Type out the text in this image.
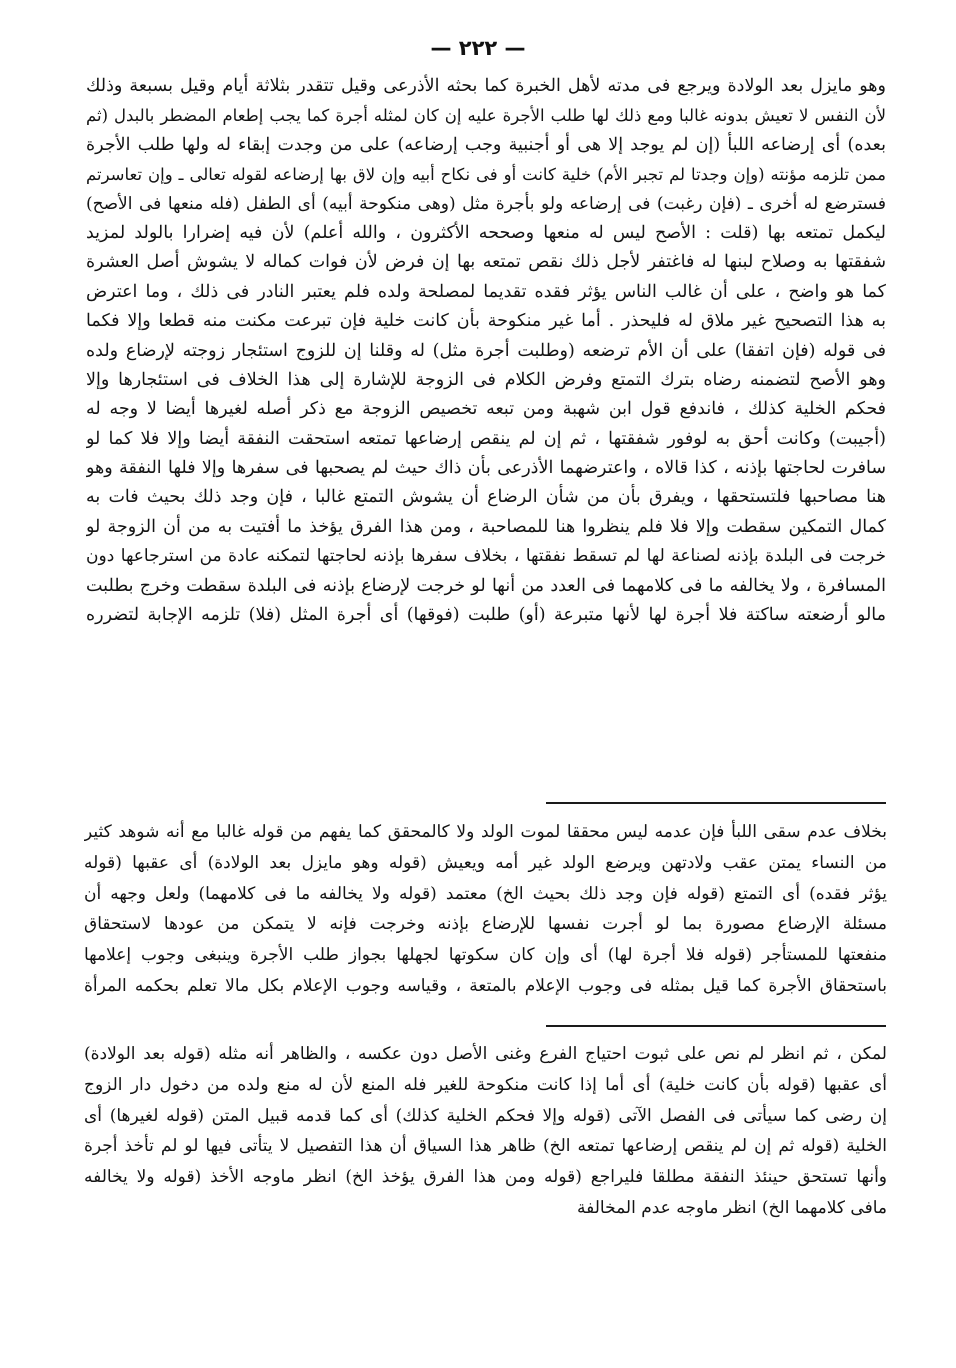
— ٢٢٢ —
وهو مايزل بعد الولادة ويرجع فى مدته لأهل الخبرة كما بحثه الأذرعى وقيل تتقدر بثلاثة أيام وقيل بسبعة وذلك
لأن النفس لا تعيش بدونه غالبا ومع ذلك لها طلب الأجرة عليه إن كان لمثله أجرة كما يجب إطعام المضطر بالبدل (ثم
بعده) أى إرضاعه اللبأ (إن لم يوجد إلا هى أو أجنبية وجب إرضاعه) على من وجدت إبقاء له ولها طلب الأجرة
ممن تلزمه مؤنته (وإن وجدتا لم تجبر الأم) خلية كانت أو فى نكاح أبيه وإن لاق بها إرضاعه لقوله تعالى ـ وإن تعاسرتم
فسترضع له أخرى ـ (فإن رغبت) فى إرضاعه ولو بأجرة مثل (وهى منكوحة أبيه) أى الطفل (فله منعها فى الأصح)
ليكمل تمتعه بها (قلت : الأصح ليس له منعها وصححه الأكثرون ، والله أعلم) لأن فيه إضرارا بالولد لمزيد
شفقتها به وصلاح لبنها له فاغتفر لأجل ذلك نقص تمتعه بها إن فرض لأن فوات كماله لا يشوش أصل العشرة
كما هو واضح ، على أن غالب الناس يؤثر فقده تقديما لمصلحة ولده فلم يعتبر النادر فى ذلك ، وما اعترض
به هذا التصحيح غير ملاق له فليحذر . أما غير منكوحة بأن كانت خلية فإن تبرعت مكنت منه قطعا وإلا فكما
فى قوله (فإن اتفقا) على أن الأم ترضعه (وطلبت أجرة مثل) له وقلنا إن للزوج استئجار زوجته لإرضاع ولده
وهو الأصح لتضمنه رضاه بترك التمتع وفرض الكلام فى الزوجة للإشارة إلى هذا الخلاف فى استئجارها وإلا
فحكم الخلية كذلك ، فاندفع قول ابن شهبة ومن تبعه تخصيص الزوجة مع ذكر أصله لغيرها أيضا لا وجه له
(أجيبت) وكانت أحق به لوفور شفقتها ، ثم إن لم ينقص إرضاعها تمتعه استحقت النفقة أيضا وإلا فلا كما لو
سافرت لحاجتها بإذنه ، كذا قالاه ، واعترضهما الأذرعى بأن ذاك حيث لم يصحبها فى سفرها وإلا فلها النفقة وهو
هنا مصاحبها فلتستحقها ، ويفرق بأن من شأن الرضاع أن يشوش التمتع غالبا ، فإن وجد ذلك بحيث فات به
كمال التمكين سقطت وإلا فلا فلم ينظروا هنا للمصاحبة ، ومن هذا الفرق يؤخذ ما أفتيت به من أن الزوجة لو
خرجت فى البلدة بإذنه لصناعة لها لم تسقط نفقتها ، بخلاف سفرها بإذنه لحاجتها لتمكنه عادة من استرجاعها دون
المسافرة ، ولا يخالفه ما فى كلامهما فى العدد من أنها لو خرجت لإرضاع بإذنه فى البلدة سقطت وخرج بطلبت
مالو أرضعته ساكتة فلا أجرة لها لأنها متبرعة (أو) طلبت (فوقها) أى أجرة المثل (فلا) تلزمه الإجابة لتضرره
بخلاف عدم سقى اللبأ فإن عدمه ليس محققا لموت الولد ولا كالمحقق كما يفهم من قوله غالبا مع أنه شوهد كثير
من النساء يمتن عقب ولادتهن ويرضع الولد غير أمه ويعيش (قوله وهو مايزل بعد الولادة) أى عقبها (قوله
يؤثر فقده) أى التمتع (قوله فإن وجد ذلك بحيث الخ) معتمد (قوله ولا يخالفه ما فى كلامهما) ولعل وجهه أن
مسئلة الإرضاع مصورة بما لو أجرت نفسها للإرضاع بإذنه وخرجت فإنه لا يتمكن من عودها لاستحقاق
منفعتها للمستأجر (قوله فلا أجرة لها) أى وإن كان سكوتها لجهلها بجواز طلب الأجرة وينبغى وجوب إعلامها
باستحقاق الأجرة كما قيل بمثله فى وجوب الإعلام بالمتعة ، وقياسه وجوب الإعلام بكل مالا تعلم بحكمه المرأة
لمكن ، ثم انظر لم نص على ثبوت احتياج الفرع وغنى الأصل دون عكسه ، والظاهر أنه مثله (قوله بعد الولادة)
أى عقبها (قوله بأن كانت خلية) أى أما إذا كانت منكوحة للغير فله المنع لأن له منع ولده من دخول دار الزوج
إن رضى كما سيأتى فى الفصل الآتى (قوله وإلا فحكم الخلية كذلك) أى كما قدمه قبيل المتن (قوله لغيرها) أى
الخلية (قوله ثم إن لم ينقص إرضاعها تمتعه الخ) ظاهر هذا السياق أن هذا التفصيل لا يتأتى فيها لو لم تأخذ أجرة
وأنها تستحق حينئذ النفقة مطلقا فليراجع (قوله ومن هذا الفرق يؤخذ الخ) انظر ماوجه الأخذ (قوله ولا يخالفه
مافى كلامهما الخ) انظر ماوجه عدم المخالفة
